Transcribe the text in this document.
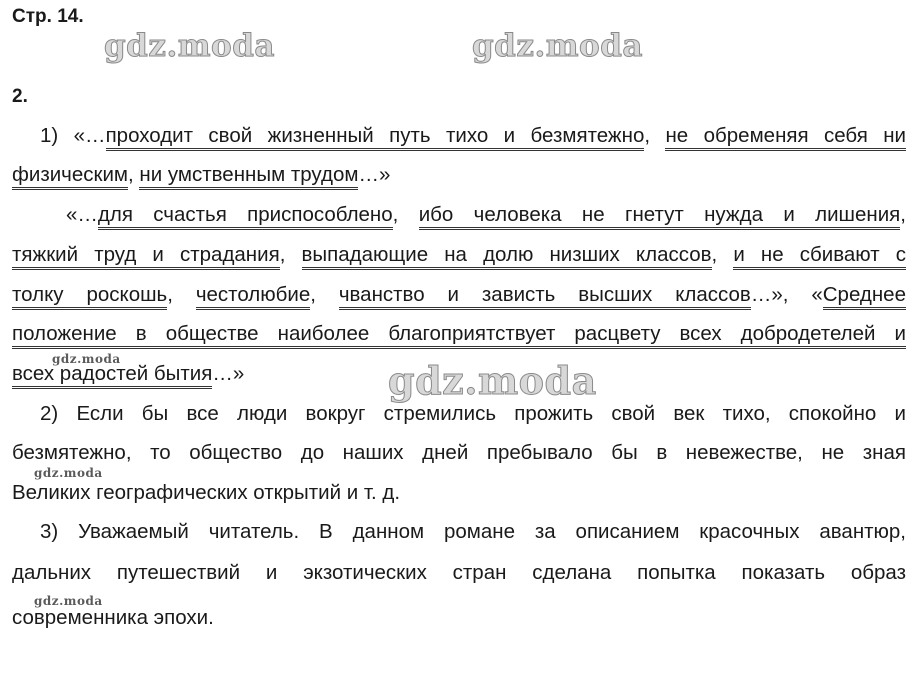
Стр. 14.
gdz.moda	gdz.moda
2.
1) «…проходит свой жизненный путь тихо и безмятежно, не обременяя себя ни
физическим, ни умственным трудом…»
«…для счастья приспособлено, ибо человека не гнетут нужда и лишения,
тяжкий труд и страдания, выпадающие на долю низших классов, и не сбивают с
толку роскошь, честолюбие, чванство и зависть высших классов…», «Среднее
положение в обществе наиболее благоприятствует расцвету всех добродетелей и
gdz.moda	gdz.moda
всех радостей бытия…»
2) Если бы все люди вокруг стремились прожить свой век тихо, спокойно и
безмятежно, то общество до наших дней пребывало бы в невежестве, не зная
gdz.moda
Великих географических открытий и т. д.
3) Уважаемый читатель. В данном романе за описанием красочных авантюр,
дальних путешествий и экзотических стран сделана попытка показать образ
gdz.moda
современника эпохи.
